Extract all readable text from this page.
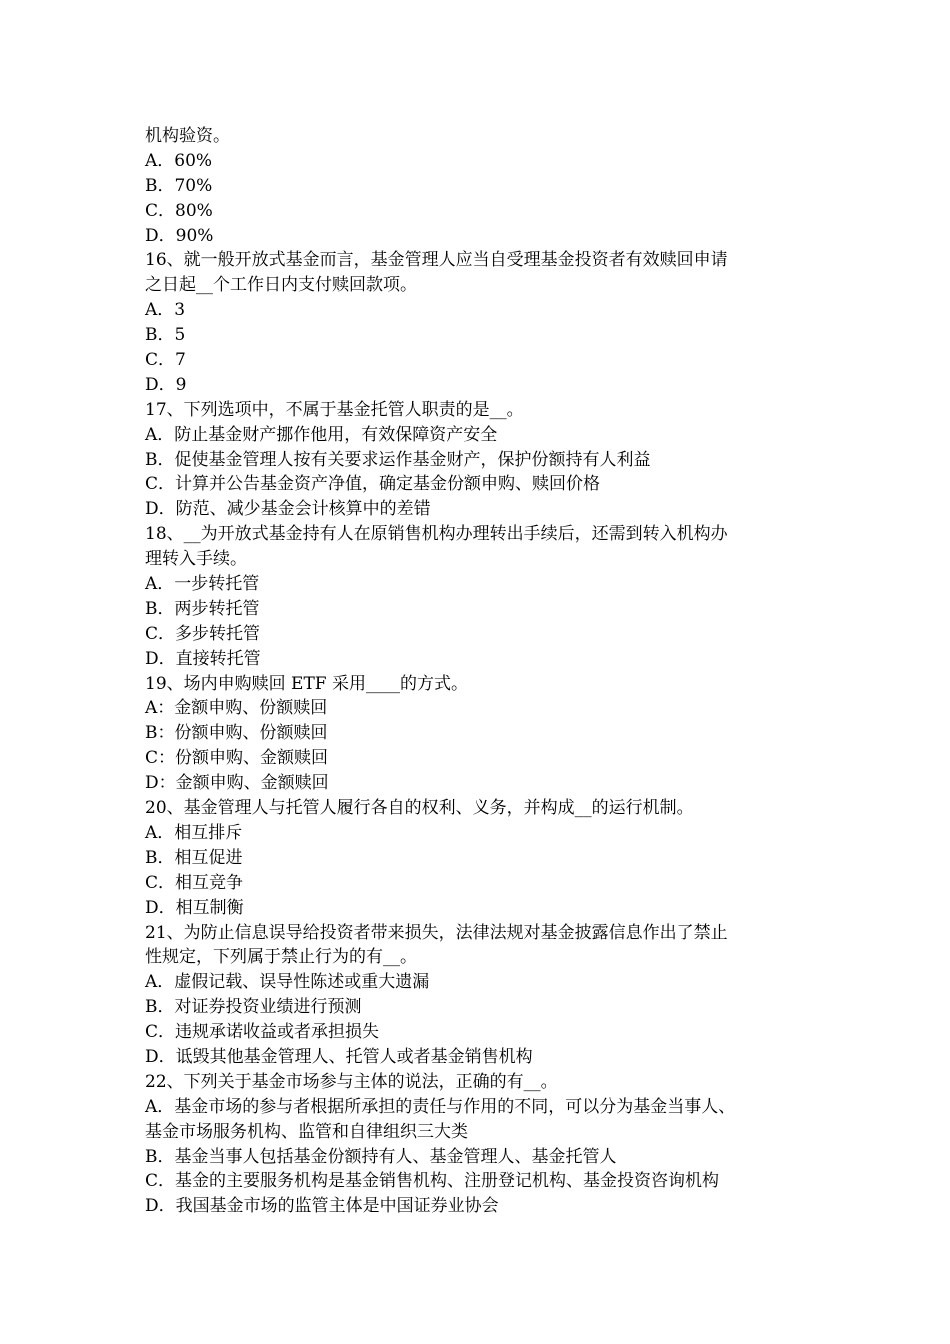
机构验资。
A．60%
B．70%
C．80%
D．90%
16、就一般开放式基金而言，基金管理人应当自受理基金投资者有效赎回申请
之日起__个工作日内支付赎回款项。
A．3
B．5
C．7
D．9
17、下列选项中，不属于基金托管人职责的是__。
A．防止基金财产挪作他用，有效保障资产安全
B．促使基金管理人按有关要求运作基金财产，保护份额持有人利益
C．计算并公告基金资产净值，确定基金份额申购、赎回价格
D．防范、减少基金会计核算中的差错
18、__为开放式基金持有人在原销售机构办理转出手续后，还需到转入机构办
理转入手续。
A．一步转托管
B．两步转托管
C．多步转托管
D．直接转托管
19、场内申购赎回 ETF 采用____的方式。
A：金额申购、份额赎回
B：份额申购、份额赎回
C：份额申购、金额赎回
D：金额申购、金额赎回
20、基金管理人与托管人履行各自的权利、义务，并构成__的运行机制。
A．相互排斥
B．相互促进
C．相互竞争
D．相互制衡
21、为防止信息误导给投资者带来损失，法律法规对基金披露信息作出了禁止
性规定，下列属于禁止行为的有__。
A．虚假记载、误导性陈述或重大遗漏
B．对证券投资业绩进行预测
C．违规承诺收益或者承担损失
D．诋毁其他基金管理人、托管人或者基金销售机构
22、下列关于基金市场参与主体的说法，正确的有__。
A．基金市场的参与者根据所承担的责任与作用的不同，可以分为基金当事人、
基金市场服务机构、监管和自律组织三大类
B．基金当事人包括基金份额持有人、基金管理人、基金托管人
C．基金的主要服务机构是基金销售机构、注册登记机构、基金投资咨询机构
D．我国基金市场的监管主体是中国证券业协会
